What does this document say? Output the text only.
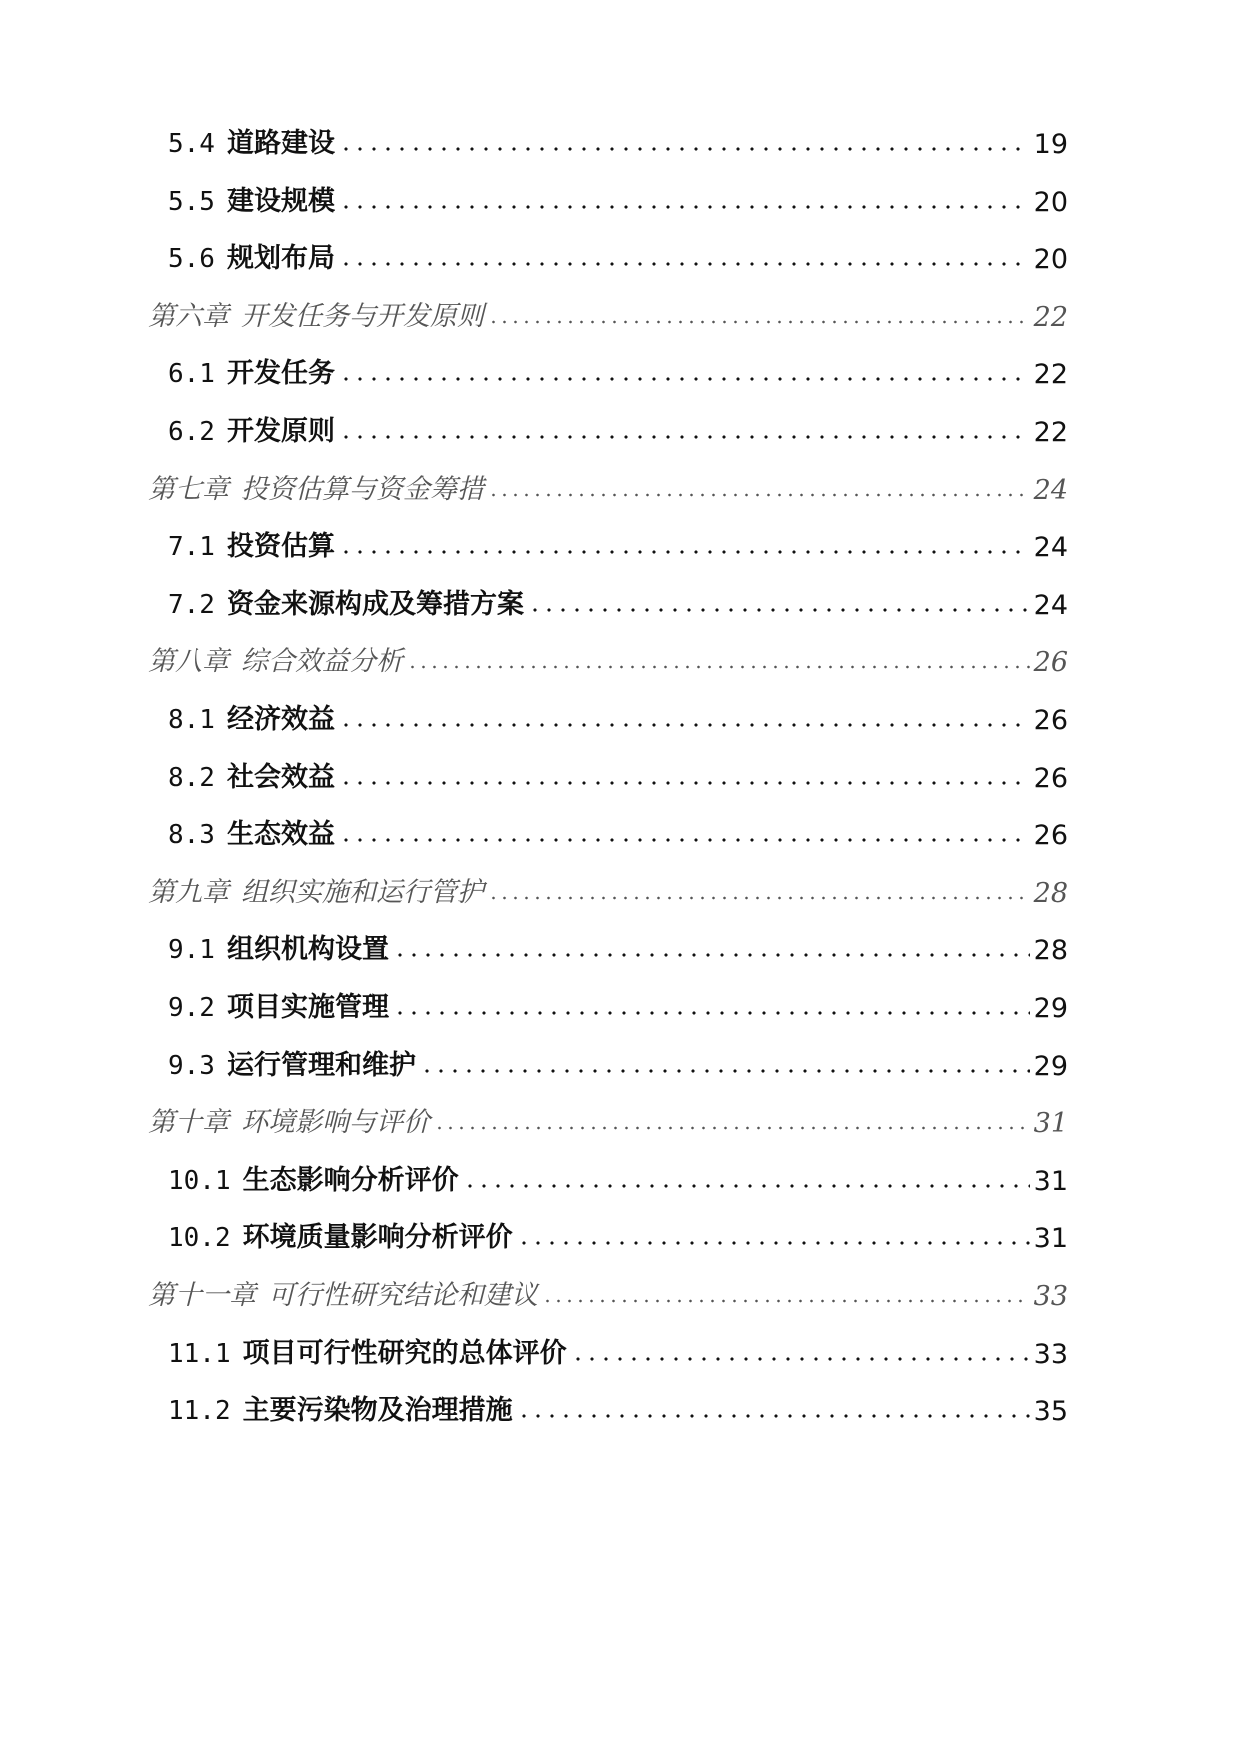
5.4 道路建设	19
5.5 建设规模	20
5.6 规划布局	20
第六章 开发任务与开发原则	22
6.1 开发任务	22
6.2 开发原则	22
第七章 投资估算与资金筹措	24
7.1 投资估算	24
7.2 资金来源构成及筹措方案	24
第八章 综合效益分析	26
8.1 经济效益	26
8.2 社会效益	26
8.3 生态效益	26
第九章 组织实施和运行管护	28
9.1 组织机构设置	28
9.2 项目实施管理	29
9.3 运行管理和维护	29
第十章 环境影响与评价	31
10.1 生态影响分析评价	31
10.2 环境质量影响分析评价	31
第十一章 可行性研究结论和建议	33
11.1 项目可行性研究的总体评价	33
11.2 主要污染物及治理措施	35
